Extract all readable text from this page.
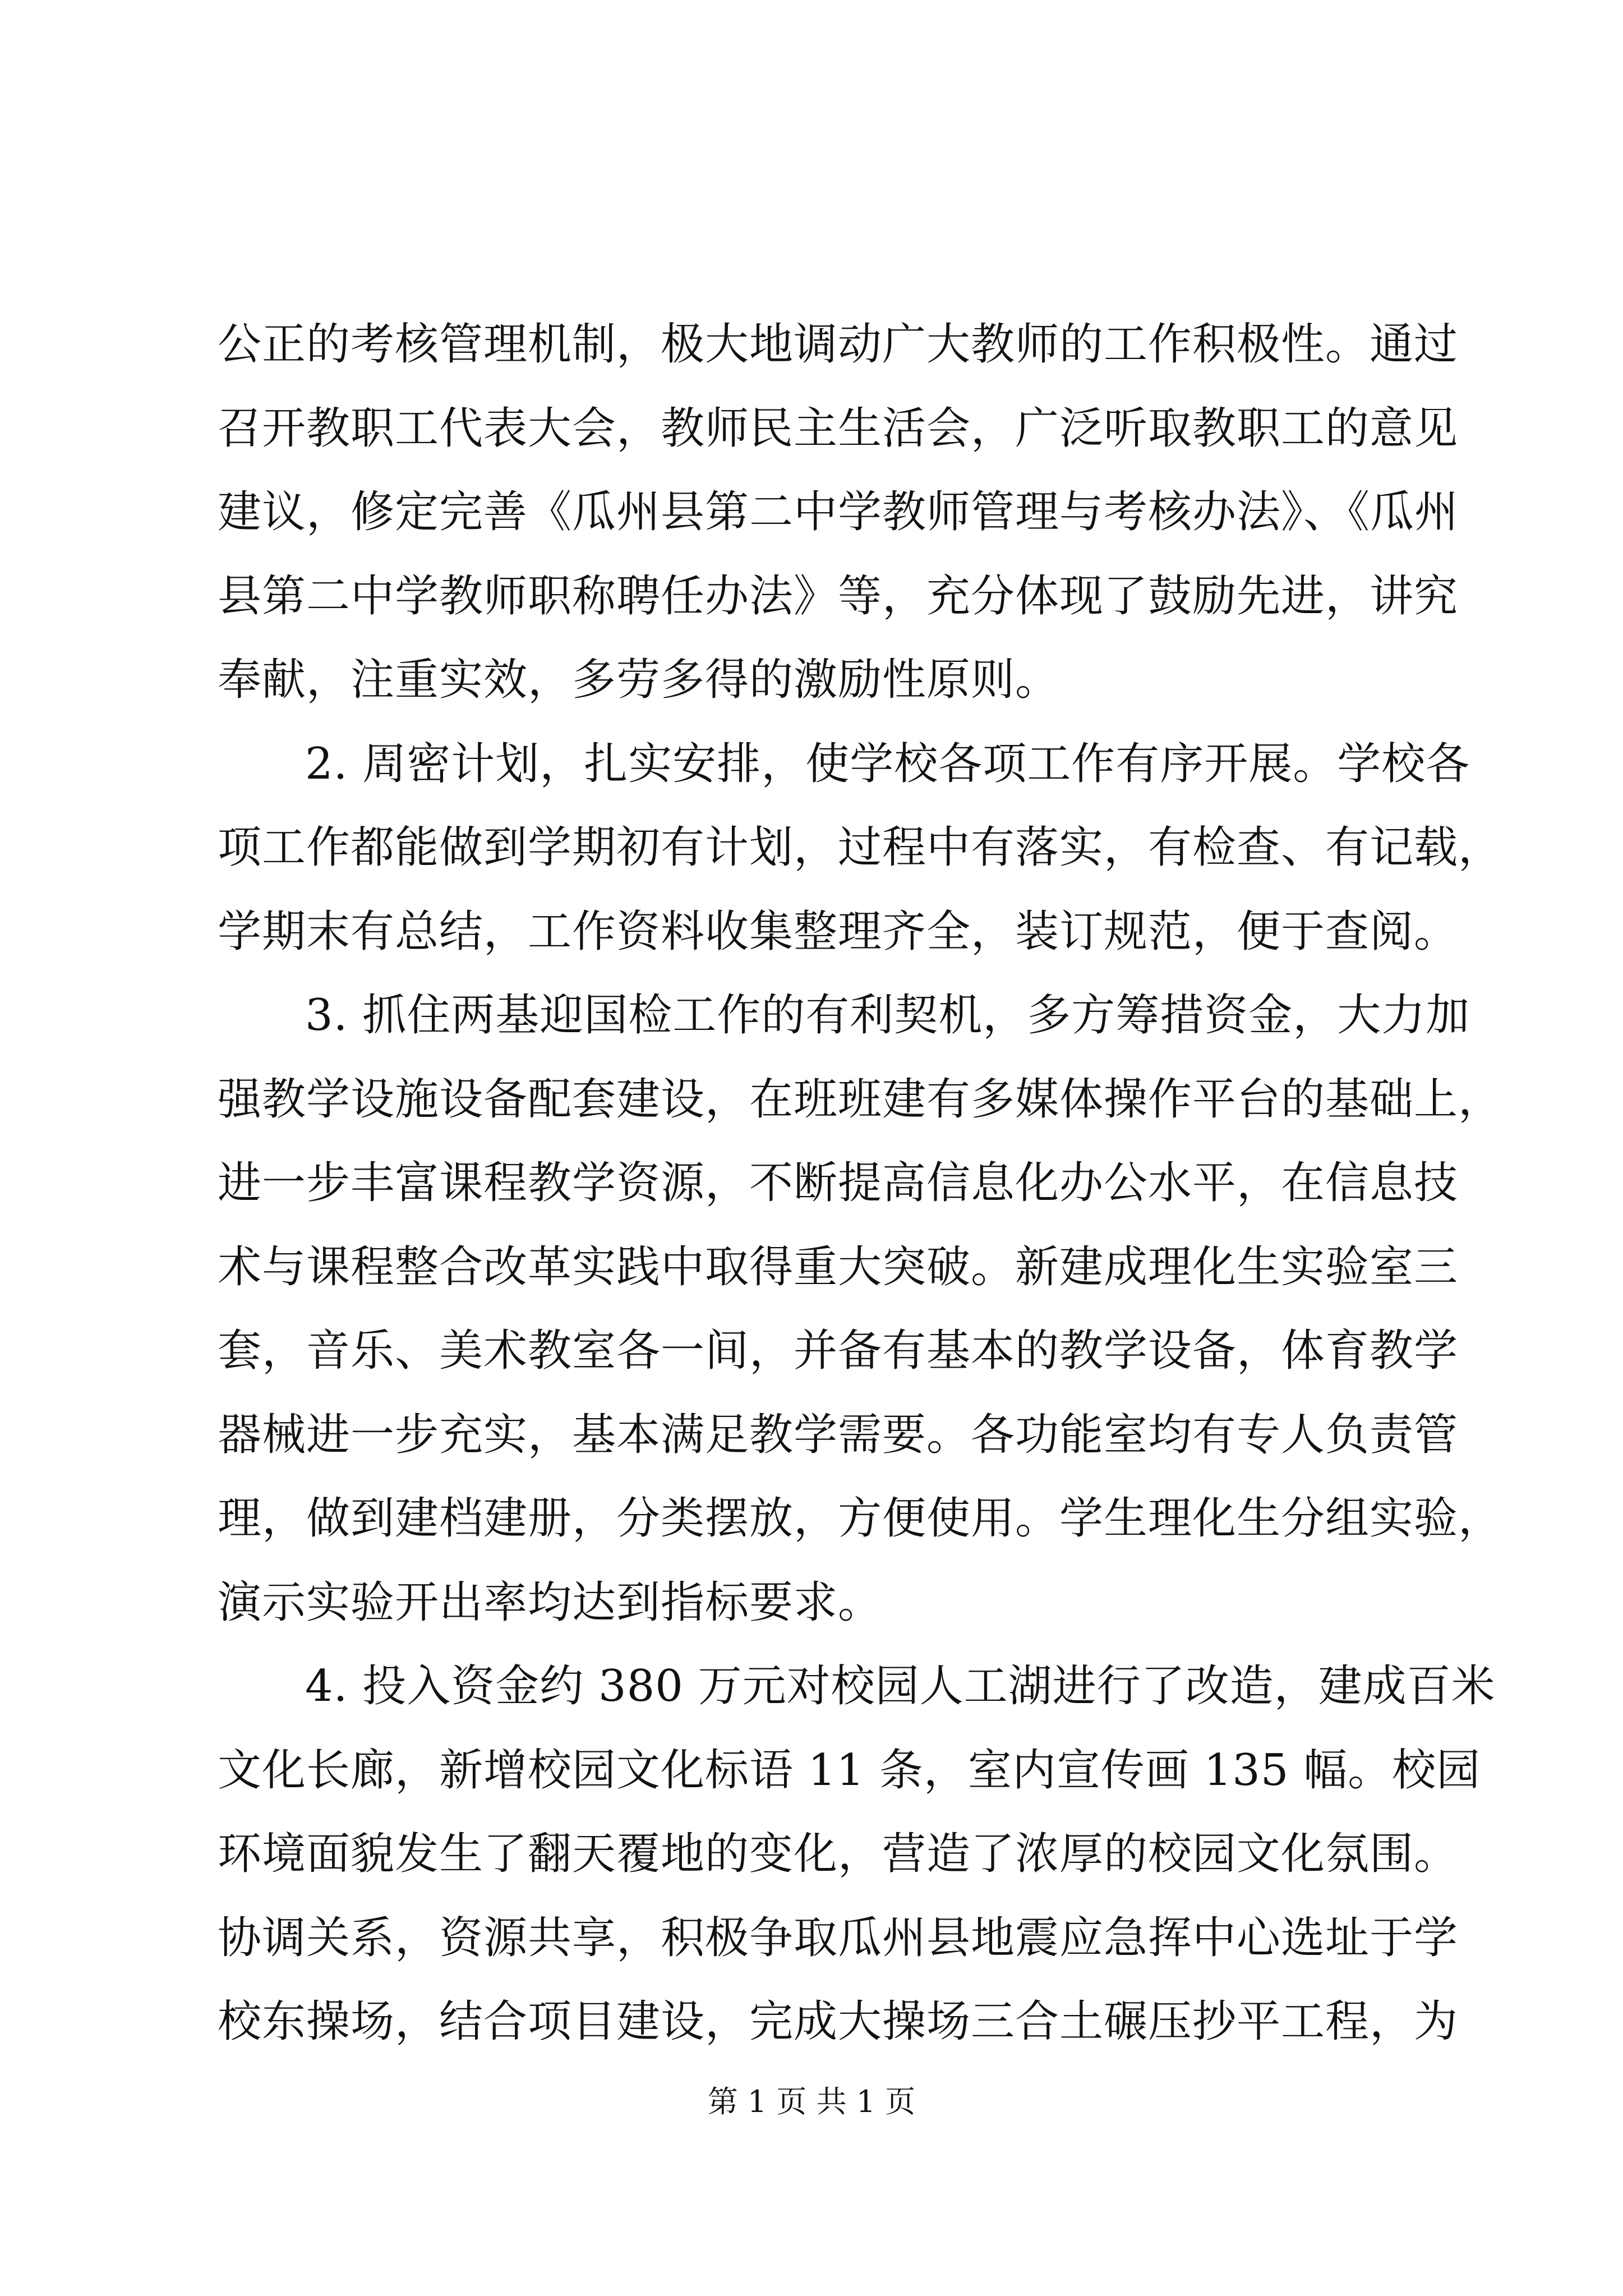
公正的考核管理机制，极大地调动广大教师的工作积极性。通过
召开教职工代表大会，教师民主生活会，广泛听取教职工的意见
建议，修定完善《瓜州县第二中学教师管理与考核办法》、《瓜州
县第二中学教师职称聘任办法》等，充分体现了鼓励先进，讲究
奉献，注重实效，多劳多得的激励性原则。
2. 周密计划，扎实安排，使学校各项工作有序开展。学校各
项工作都能做到学期初有计划，过程中有落实，有检查、有记载，
学期末有总结，工作资料收集整理齐全，装订规范，便于查阅。
3. 抓住两基迎国检工作的有利契机，多方筹措资金，大力加
强教学设施设备配套建设，在班班建有多媒体操作平台的基础上，
进一步丰富课程教学资源，不断提高信息化办公水平，在信息技
术与课程整合改革实践中取得重大突破。新建成理化生实验室三
套，音乐、美术教室各一间，并备有基本的教学设备，体育教学
器械进一步充实，基本满足教学需要。各功能室均有专人负责管
理，做到建档建册，分类摆放，方便使用。学生理化生分组实验，
演示实验开出率均达到指标要求。
4. 投入资金约 380 万元对校园人工湖进行了改造，建成百米
文化长廊，新增校园文化标语 11 条，室内宣传画 135 幅。校园
环境面貌发生了翻天覆地的变化，营造了浓厚的校园文化氛围。
协调关系，资源共享，积极争取瓜州县地震应急挥中心选址于学
校东操场，结合项目建设，完成大操场三合土碾压抄平工程，为
第 1 页 共 1 页
